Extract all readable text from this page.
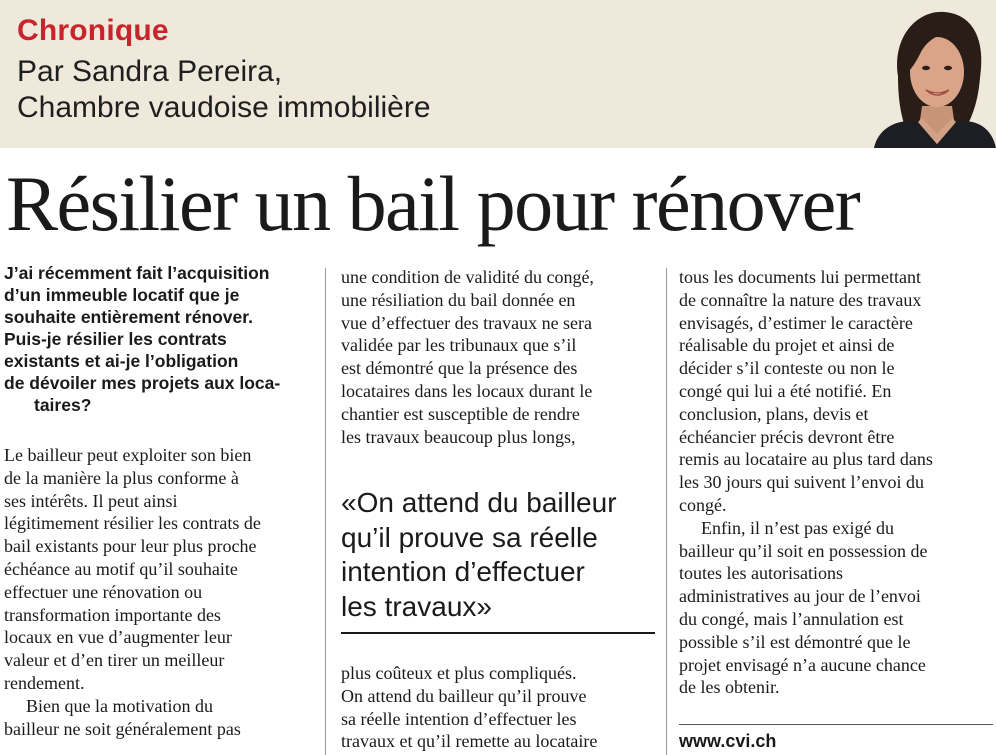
Chronique
Par Sandra Pereira,
Chambre vaudoise immobilière
Résilier un bail pour rénover
J’ai récemment fait l’acquisition
d’un immeuble locatif que je
souhaite entièrement rénover.
Puis-je résilier les contrats
existants et ai-je l’obligation
de dévoiler mes projets aux loca-
taires?

Le bailleur peut exploiter son bien
de la manière la plus conforme à
ses intérêts. Il peut ainsi
légitimement résilier les contrats de
bail existants pour leur plus proche
échéance au motif qu’il souhaite
effectuer une rénovation ou
transformation importante des
locaux en vue d’augmenter leur
valeur et d’en tirer un meilleur
rendement.

Bien que la motivation du
bailleur ne soit généralement pas

une condition de validité du congé,
une résiliation du bail donnée en
vue d’effectuer des travaux ne sera
validée par les tribunaux que s’il
est démontré que la présence des
locataires dans les locaux durant le
chantier est susceptible de rendre
les travaux beaucoup plus longs,

«On attend du bailleur
qu’il prouve sa réelle
intention d’effectuer
les travaux»

plus coûteux et plus compliqués.
On attend du bailleur qu’il prouve
sa réelle intention d’effectuer les
travaux et qu’il remette au locataire

tous les documents lui permettant
de connaître la nature des travaux
envisagés, d’estimer le caractère
réalisable du projet et ainsi de
décider s’il conteste ou non le
congé qui lui a été notifié. En
conclusion, plans, devis et
échéancier précis devront être
remis au locataire au plus tard dans
les 30 jours qui suivent l’envoi du
congé.

Enfin, il n’est pas exigé du
bailleur qu’il soit en possession de
toutes les autorisations
administratives au jour de l’envoi
du congé, mais l’annulation est
possible s’il est démontré que le
projet envisagé n’a aucune chance
de les obtenir.

www.cvi.ch
